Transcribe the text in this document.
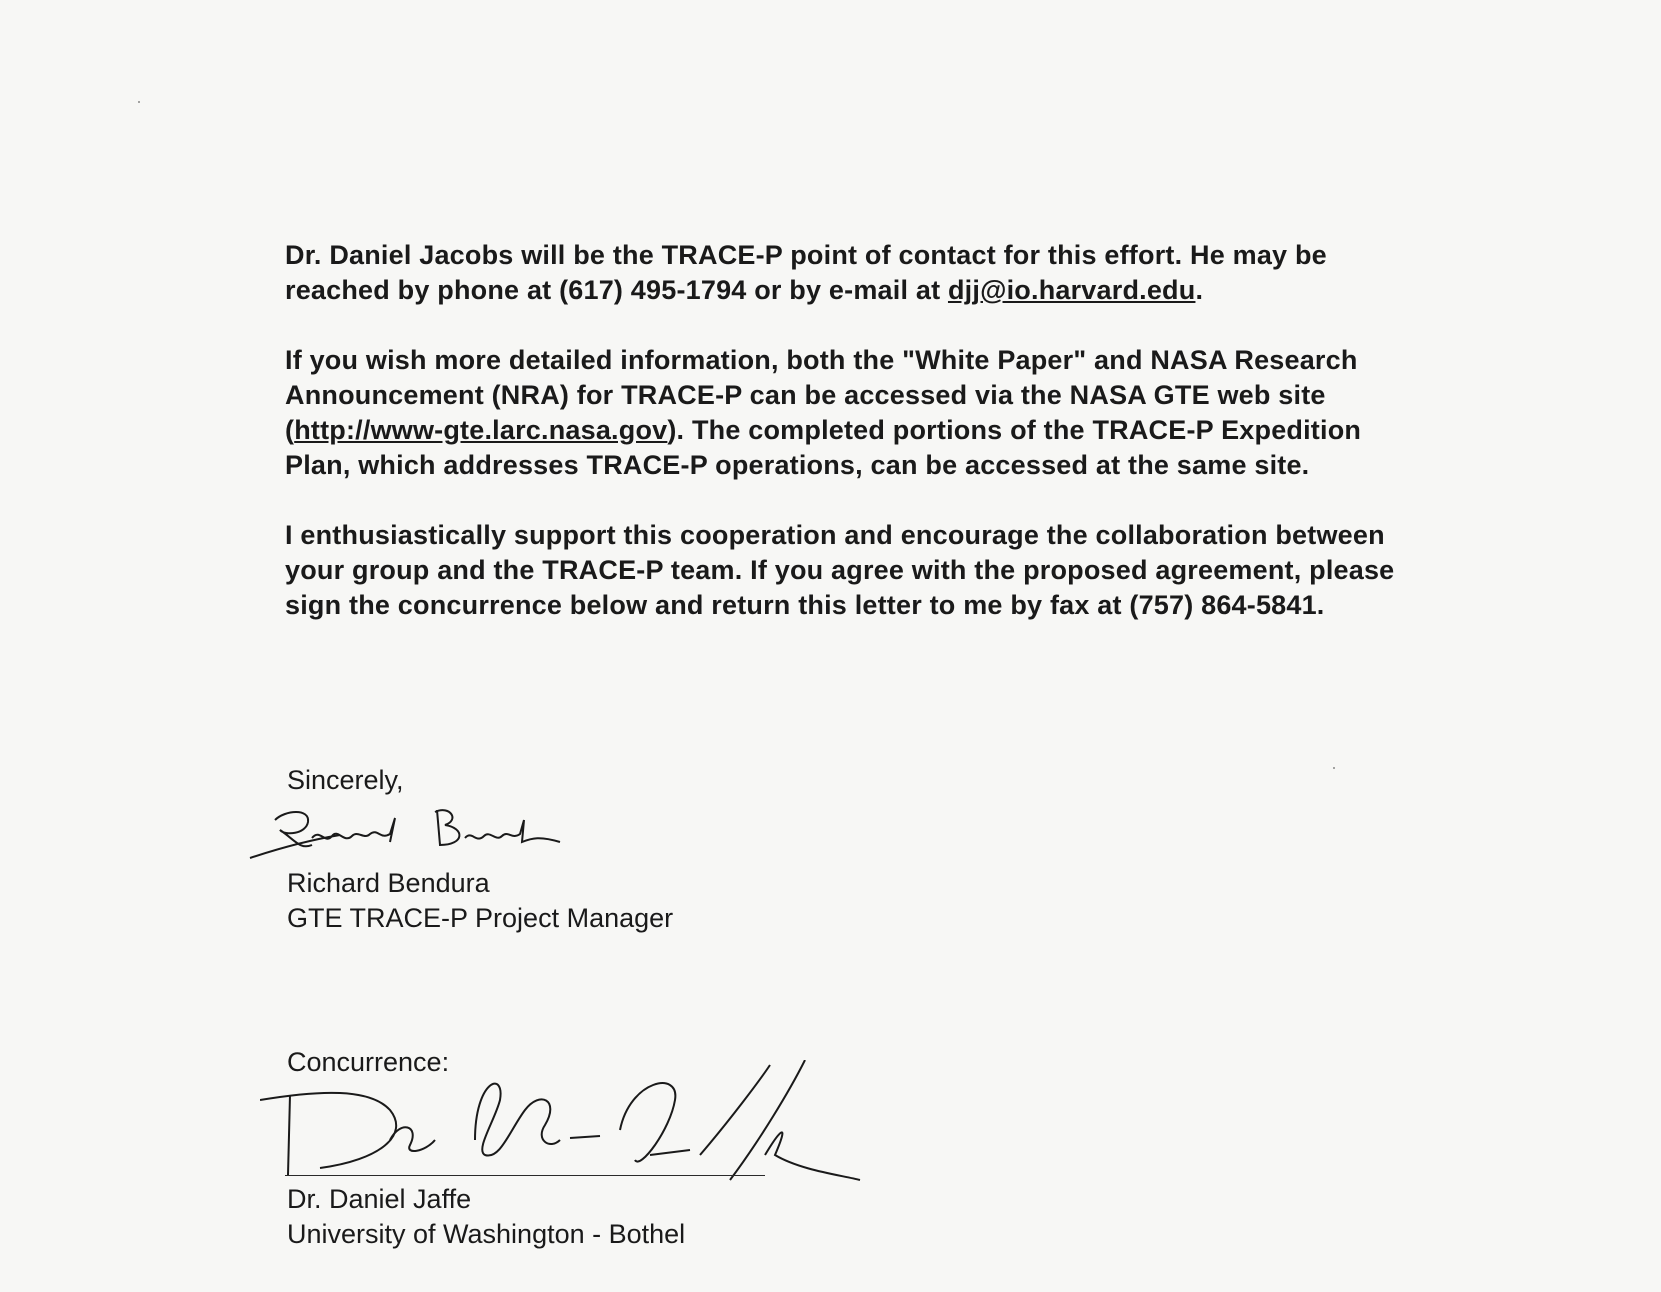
Dr. Daniel Jacobs will be the TRACE-P point of contact for this effort. He may be reached by phone at (617) 495-1794 or by e-mail at djj@io.harvard.edu.

If you wish more detailed information, both the "White Paper" and NASA Research Announcement (NRA) for TRACE-P can be accessed via the NASA GTE web site (http://www-gte.larc.nasa.gov). The completed portions of the TRACE-P Expedition Plan, which addresses TRACE-P operations, can be accessed at the same site.

I enthusiastically support this cooperation and encourage the collaboration between your group and the TRACE-P team. If you agree with the proposed agreement, please sign the concurrence below and return this letter to me by fax at (757) 864-5841.

Sincerely,
Richard Bendura
GTE TRACE-P Project Manager
Concurrence:
Dr. Daniel Jaffe
University of Washington - Bothel
